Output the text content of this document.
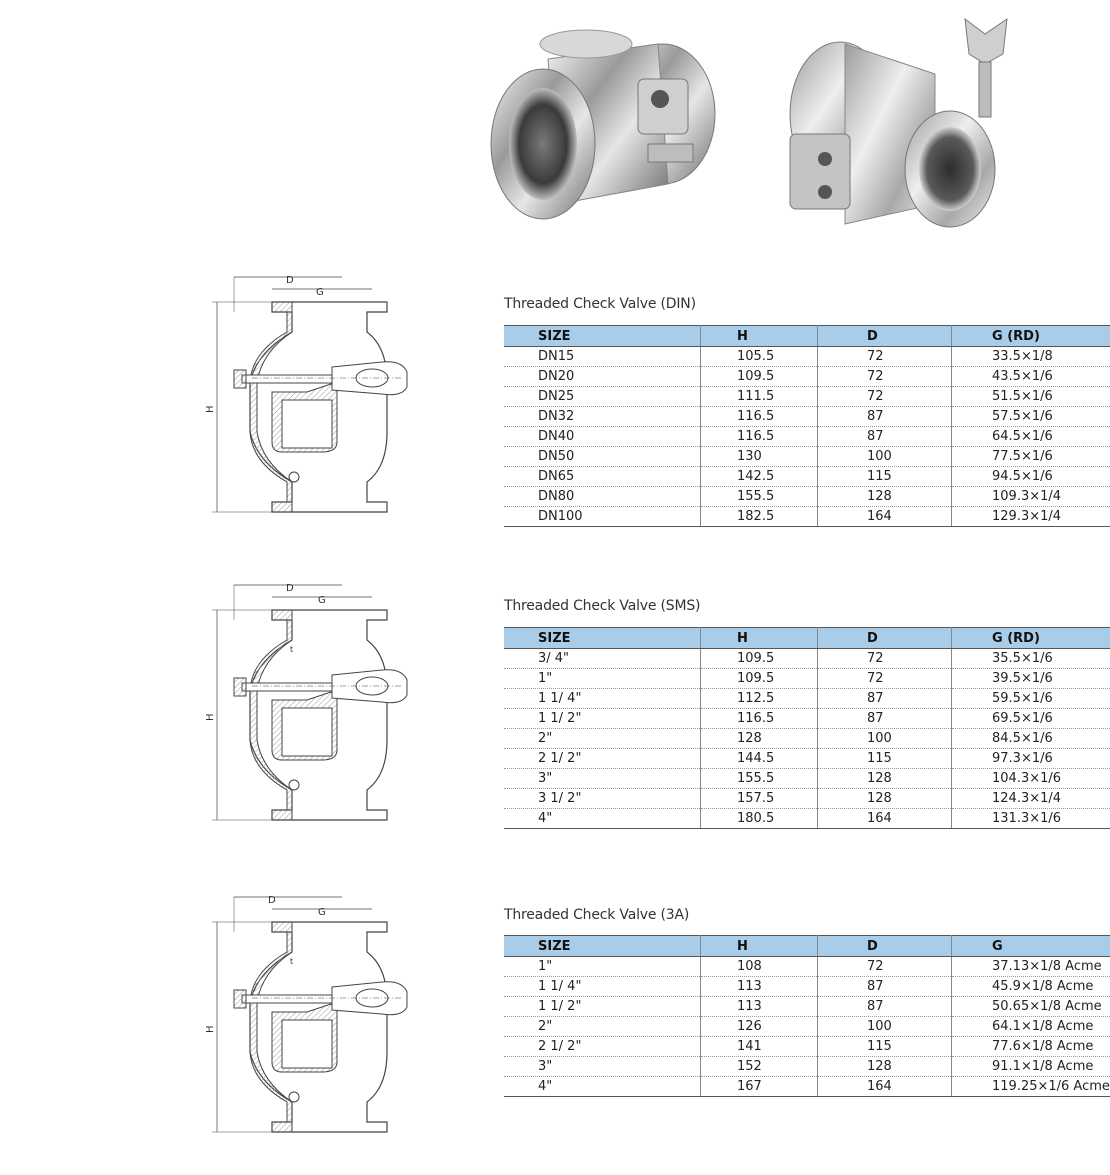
D
G
H
D
G
t
H
D
G
t
H
Threaded Check Valve (DIN)
SIZE	H	D	G (RD)
DN15	105.5	72	33.5×1/8
DN20	109.5	72	43.5×1/6
DN25	111.5	72	51.5×1/6
DN32	116.5	87	57.5×1/6
DN40	116.5	87	64.5×1/6
DN50	130	100	77.5×1/6
DN65	142.5	115	94.5×1/6
DN80	155.5	128	109.3×1/4
DN100	182.5	164	129.3×1/4
Threaded Check Valve (SMS)
SIZE	H	D	G (RD)
3/ 4"	109.5	72	35.5×1/6
1"	109.5	72	39.5×1/6
1 1/ 4"	112.5	87	59.5×1/6
1 1/ 2"	116.5	87	69.5×1/6
2"	128	100	84.5×1/6
2 1/ 2"	144.5	115	97.3×1/6
3"	155.5	128	104.3×1/6
3 1/ 2"	157.5	128	124.3×1/4
4"	180.5	164	131.3×1/6
Threaded Check Valve (3A)
SIZE	H	D	G
1"	108	72	37.13×1/8 Acme
1 1/ 4"	113	87	45.9×1/8 Acme
1 1/ 2"	113	87	50.65×1/8 Acme
2"	126	100	64.1×1/8 Acme
2 1/ 2"	141	115	77.6×1/8 Acme
3"	152	128	91.1×1/8 Acme
4"	167	164	119.25×1/6 Acme
